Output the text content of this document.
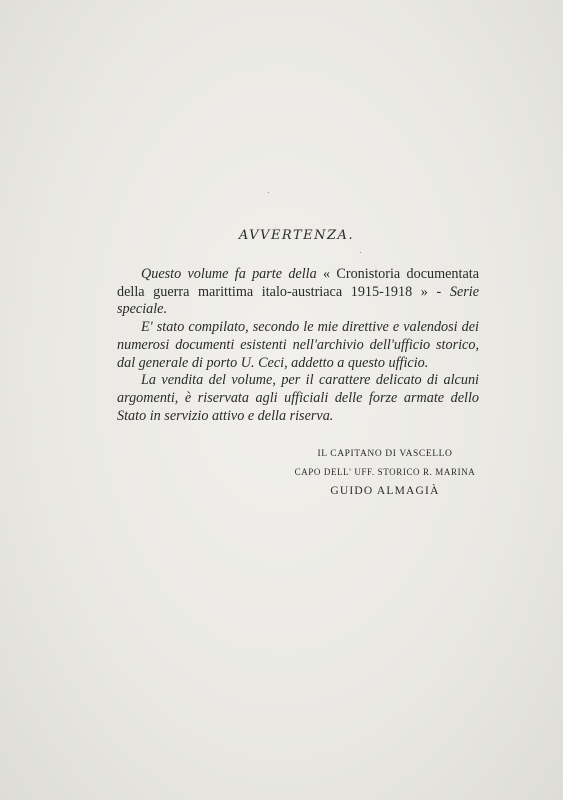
AVVERTENZA.

Questo volume fa parte della « Cronistoria documentata della guerra marittima italo-austriaca 1915-1918 » - Serie speciale.

E' stato compilato, secondo le mie direttive e valendosi dei numerosi documenti esistenti nell'archivio dell'ufficio storico, dal generale di porto U. Ceci, addetto a questo ufficio.

La vendita del volume, per il carattere delicato di alcuni argomenti, è riservata agli ufficiali delle forze armate dello Stato in servizio attivo e della riserva.

IL CAPITANO DI VASCELLO
CAPO DELL' UFF. STORICO R. MARINA
GUIDO ALMAGIÀ
